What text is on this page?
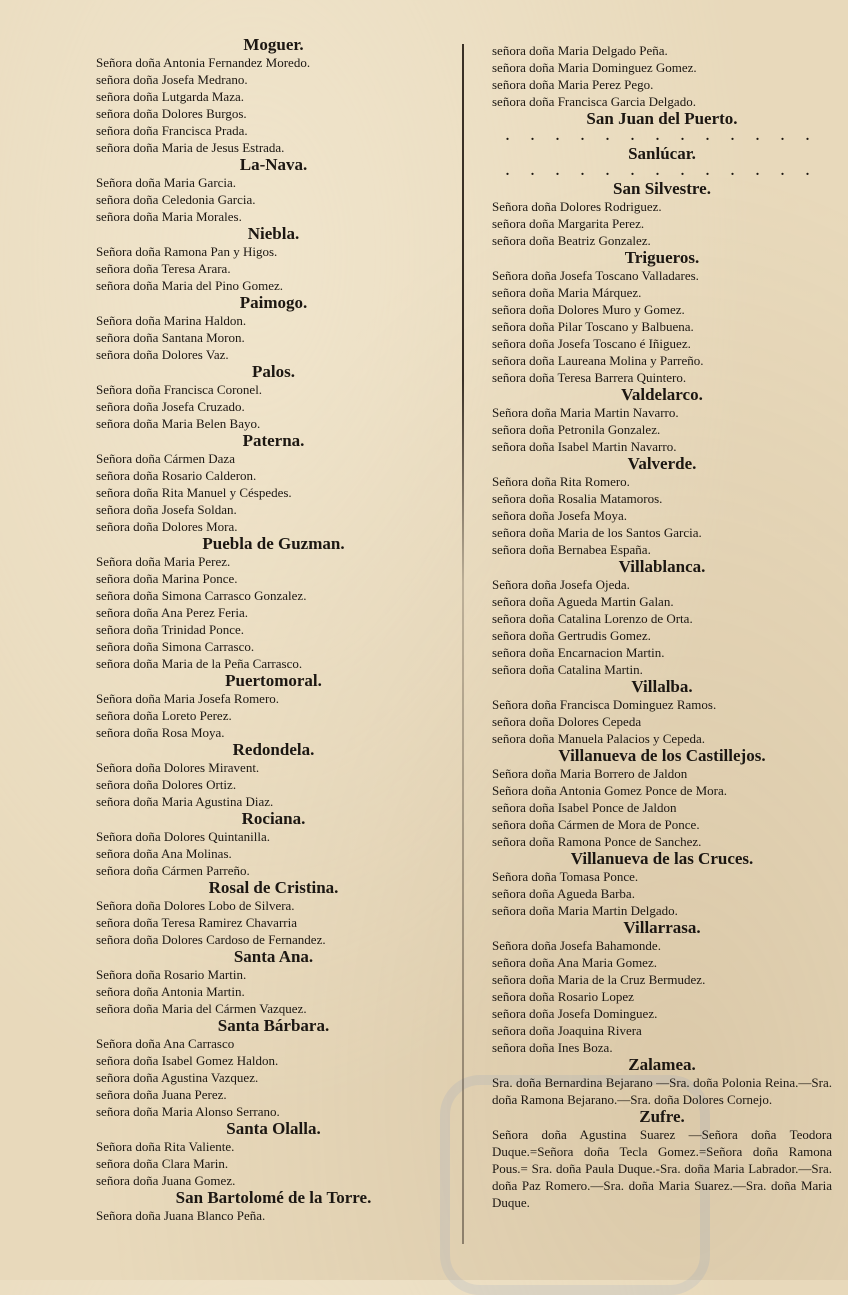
Moguer.
Señora doña Antonia Fernandez Moredo.
señora doña Josefa Medrano.
señora doña Lutgarda Maza.
señora doña Dolores Burgos.
señora doña Francisca Prada.
señora doña Maria de Jesus Estrada.
La-Nava.
Señora doña Maria Garcia.
señora doña Celedonia Garcia.
señora doña Maria Morales.
Niebla.
Señora doña Ramona Pan y Higos.
señora doña Teresa Arara.
señora doña Maria del Pino Gomez.
Paimogo.
Señora doña Marina Haldon.
señora doña Santana Moron.
señora doña Dolores Vaz.
Palos.
Señora doña Francisca Coronel.
señora doña Josefa Cruzado.
señora doña Maria Belen Bayo.
Paterna.
Señora doña Cármen Daza
señora doña Rosario Calderon.
señora doña Rita Manuel y Céspedes.
señora doña Josefa Soldan.
señora doña Dolores Mora.
Puebla de Guzman.
Señora doña Maria Perez.
señora doña Marina Ponce.
señora doña Simona Carrasco Gonzalez.
señora doña Ana Perez Feria.
señora doña Trinidad Ponce.
señora doña Simona Carrasco.
señora doña Maria de la Peña Carrasco.
Puertomoral.
Señora doña Maria Josefa Romero.
señora doña Loreto Perez.
señora doña Rosa Moya.
Redondela.
Señora doña Dolores Miravent.
señora doña Dolores Ortiz.
señora doña Maria Agustina Diaz.
Rociana.
Señora doña Dolores Quintanilla.
señora doña Ana Molinas.
señora doña Cármen Parreño.
Rosal de Cristina.
Señora doña Dolores Lobo de Silvera.
señora doña Teresa Ramirez Chavarria
señora doña Dolores Cardoso de Fernandez.
Santa Ana.
Señora doña Rosario Martin.
señora doña Antonia Martin.
señora doña Maria del Cármen Vazquez.
Santa Bárbara.
Señora doña Ana Carrasco
señora doña Isabel Gomez Haldon.
señora doña Agustina Vazquez.
señora doña Juana Perez.
señora doña Maria Alonso Serrano.
Santa Olalla.
Señora doña Rita Valiente.
señora doña Clara Marin.
señora doña Juana Gomez.
San Bartolomé de la Torre.
Señora doña Juana Blanco Peña.
señora doña Maria Delgado Peña.
señora doña Maria Dominguez Gomez.
señora doña Maria Perez Pego.
señora doña Francisca Garcia Delgado.
San Juan del Puerto.
. . . . . . . . . . . . .
Sanlúcar.
. . . . . . . . . . . . .
San Silvestre.
Señora doña Dolores Rodriguez.
señora doña Margarita Perez.
señora doña Beatriz Gonzalez.
Trigueros.
Señora doña Josefa Toscano Valladares.
señora doña Maria Márquez.
señora doña Dolores Muro y Gomez.
señora doña Pilar Toscano y Balbuena.
señora doña Josefa Toscano é Iñiguez.
señora doña Laureana Molina y Parreño.
señora doña Teresa Barrera Quintero.
Valdelarco.
Señora doña Maria Martin Navarro.
señora doña Petronila Gonzalez.
señora doña Isabel Martin Navarro.
Valverde.
Señora doña Rita Romero.
señora doña Rosalia Matamoros.
señora doña Josefa Moya.
señora doña Maria de los Santos Garcia.
señora doña Bernabea España.
Villablanca.
Señora doña Josefa Ojeda.
señora doña Agueda Martin Galan.
señora doña Catalina Lorenzo de Orta.
señora doña Gertrudis Gomez.
señora doña Encarnacion Martin.
señora doña Catalina Martin.
Villalba.
Señora doña Francisca Dominguez Ramos.
señora doña Dolores Cepeda
señora doña Manuela Palacios y Cepeda.
Villanueva de los Castillejos.
Señora doña Maria Borrero de Jaldon
Señora doña Antonia Gomez Ponce de Mora.
señora doña Isabel Ponce de Jaldon
señora doña Cármen de Mora de Ponce.
señora doña Ramona Ponce de Sanchez.
Villanueva de las Cruces.
Señora doña Tomasa Ponce.
señora doña Agueda Barba.
señora doña Maria Martin Delgado.
Villarrasa.
Señora doña Josefa Bahamonde.
señora doña Ana Maria Gomez.
señora doña Maria de la Cruz Bermudez.
señora doña Rosario Lopez
señora doña Josefa Dominguez.
señora doña Joaquina Rivera
señora doña Ines Boza.
Zalamea.
Sra. doña Bernardina Bejarano —Sra. doña Polonia Reina.—Sra. doña Ramona Bejarano.—Sra. doña Dolores Cornejo.
Zufre.
Señora doña Agustina Suarez —Señora doña Teodora Duque.=Señora doña Tecla Gomez.=Señora doña Ramona Pous.= Sra. doña Paula Duque.-Sra. doña Maria Labrador.—Sra. doña Paz Romero.—Sra. doña Maria Suarez.—Sra. doña Maria Duque.
